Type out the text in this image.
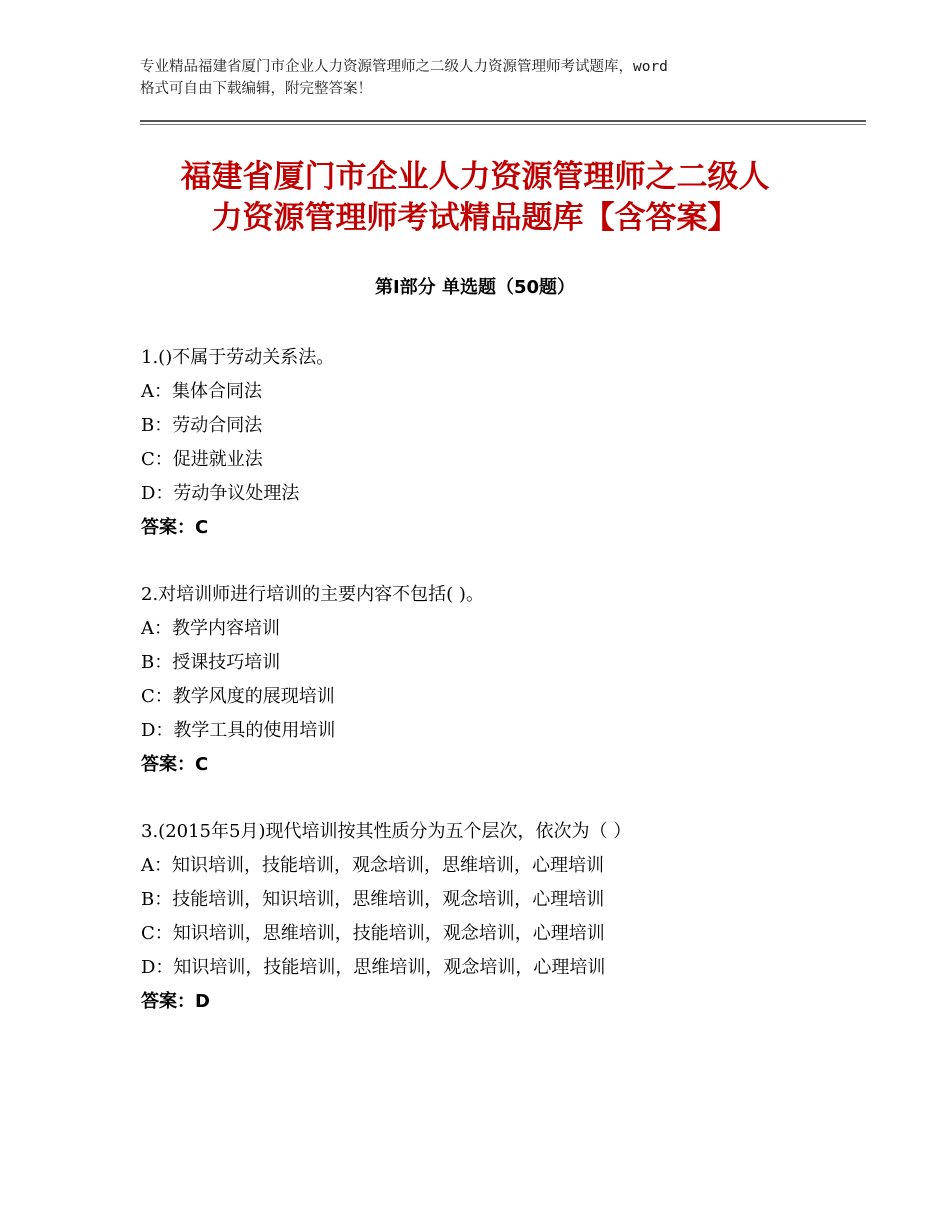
专业精品福建省厦门市企业人力资源管理师之二级人力资源管理师考试题库，word
格式可自由下载编辑，附完整答案！
福建省厦门市企业人力资源管理师之二级人
力资源管理师考试精品题库【含答案】
第Ⅰ部分 单选题（50题）
1.()不属于劳动关系法。
A：集体合同法
B：劳动合同法
C：促进就业法
D：劳动争议处理法
答案：C
2.对培训师进行培训的主要内容不包括( )。
A：教学内容培训
B：授课技巧培训
C：教学风度的展现培训
D：教学工具的使用培训
答案：C
3.(2015年5月)现代培训按其性质分为五个层次，依次为（ ）
A：知识培训，技能培训，观念培训，思维培训，心理培训
B：技能培训，知识培训，思维培训，观念培训，心理培训
C：知识培训，思维培训，技能培训，观念培训，心理培训
D：知识培训，技能培训，思维培训，观念培训，心理培训
答案：D
